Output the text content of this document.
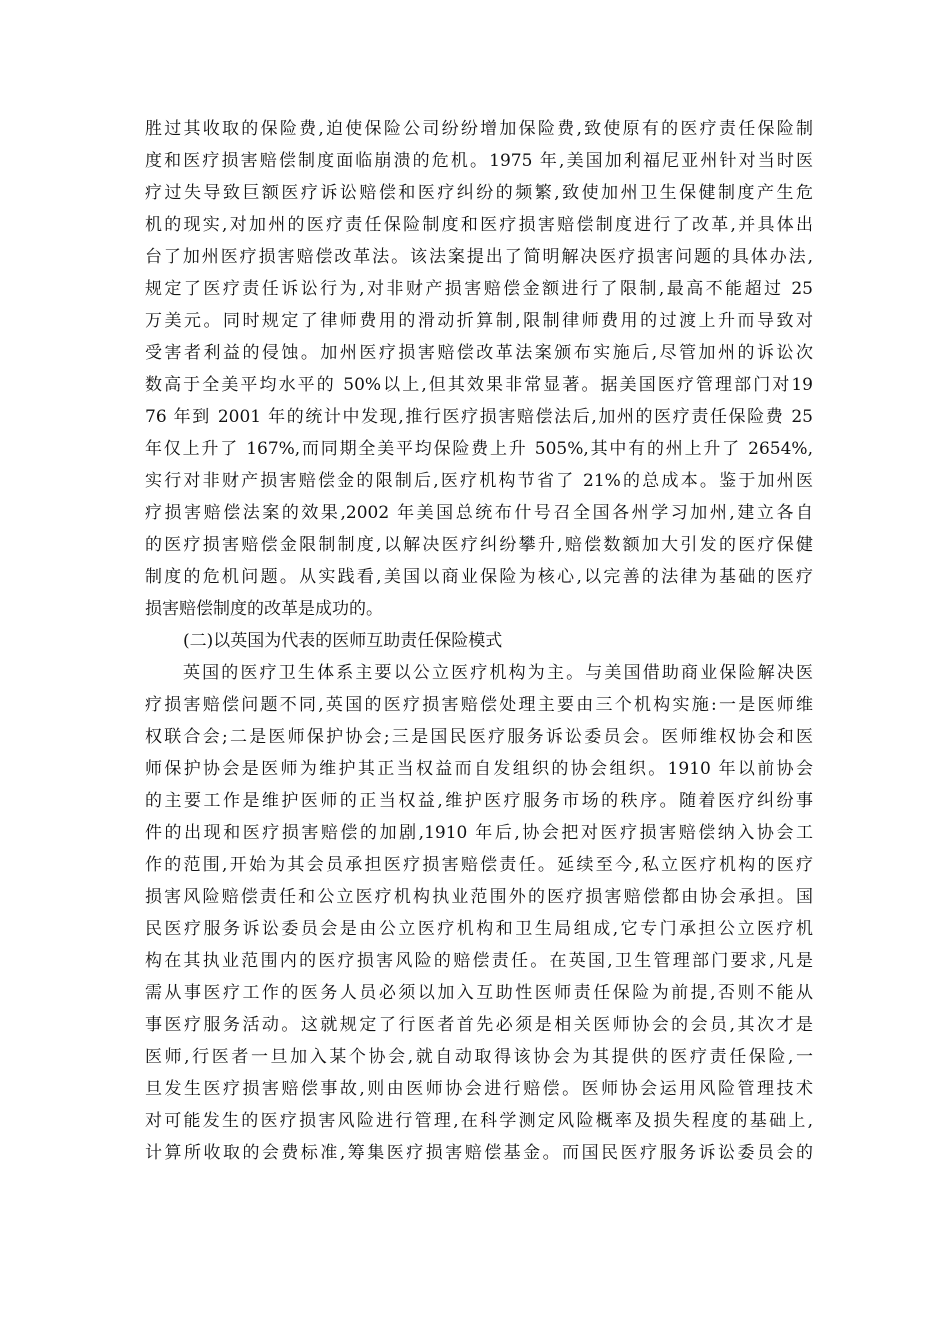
胜过其收取的保险费,迫使保险公司纷纷增加保险费,致使原有的医疗责任保险制
度和医疗损害赔偿制度面临崩溃的危机。1975 年,美国加利福尼亚州针对当时医
疗过失导致巨额医疗诉讼赔偿和医疗纠纷的频繁,致使加州卫生保健制度产生危
机的现实,对加州的医疗责任保险制度和医疗损害赔偿制度进行了改革,并具体出
台了加州医疗损害赔偿改革法。该法案提出了简明解决医疗损害问题的具体办法,
规定了医疗责任诉讼行为,对非财产损害赔偿金额进行了限制,最高不能超过 25
万美元。同时规定了律师费用的滑动折算制,限制律师费用的过渡上升而导致对
受害者利益的侵蚀。加州医疗损害赔偿改革法案颁布实施后,尽管加州的诉讼次
数高于全美平均水平的 50%以上,但其效果非常显著。据美国医疗管理部门对19
76 年到 2001 年的统计中发现,推行医疗损害赔偿法后,加州的医疗责任保险费 25
年仅上升了 167%,而同期全美平均保险费上升 505%,其中有的州上升了 2654%,
实行对非财产损害赔偿金的限制后,医疗机构节省了 21%的总成本。鉴于加州医
疗损害赔偿法案的效果,2002 年美国总统布什号召全国各州学习加州,建立各自
的医疗损害赔偿金限制制度,以解决医疗纠纷攀升,赔偿数额加大引发的医疗保健
制度的危机问题。从实践看,美国以商业保险为核心,以完善的法律为基础的医疗
损害赔偿制度的改革是成功的。
(二)以英国为代表的医师互助责任保险模式
英国的医疗卫生体系主要以公立医疗机构为主。与美国借助商业保险解决医
疗损害赔偿问题不同,英国的医疗损害赔偿处理主要由三个机构实施:一是医师维
权联合会;二是医师保护协会;三是国民医疗服务诉讼委员会。医师维权协会和医
师保护协会是医师为维护其正当权益而自发组织的协会组织。1910 年以前协会
的主要工作是维护医师的正当权益,维护医疗服务市场的秩序。随着医疗纠纷事
件的出现和医疗损害赔偿的加剧,1910 年后,协会把对医疗损害赔偿纳入协会工
作的范围,开始为其会员承担医疗损害赔偿责任。延续至今,私立医疗机构的医疗
损害风险赔偿责任和公立医疗机构执业范围外的医疗损害赔偿都由协会承担。国
民医疗服务诉讼委员会是由公立医疗机构和卫生局组成,它专门承担公立医疗机
构在其执业范围内的医疗损害风险的赔偿责任。在英国,卫生管理部门要求,凡是
需从事医疗工作的医务人员必须以加入互助性医师责任保险为前提,否则不能从
事医疗服务活动。这就规定了行医者首先必须是相关医师协会的会员,其次才是
医师,行医者一旦加入某个协会,就自动取得该协会为其提供的医疗责任保险,一
旦发生医疗损害赔偿事故,则由医师协会进行赔偿。医师协会运用风险管理技术
对可能发生的医疗损害风险进行管理,在科学测定风险概率及损失程度的基础上,
计算所收取的会费标准,筹集医疗损害赔偿基金。而国民医疗服务诉讼委员会的
